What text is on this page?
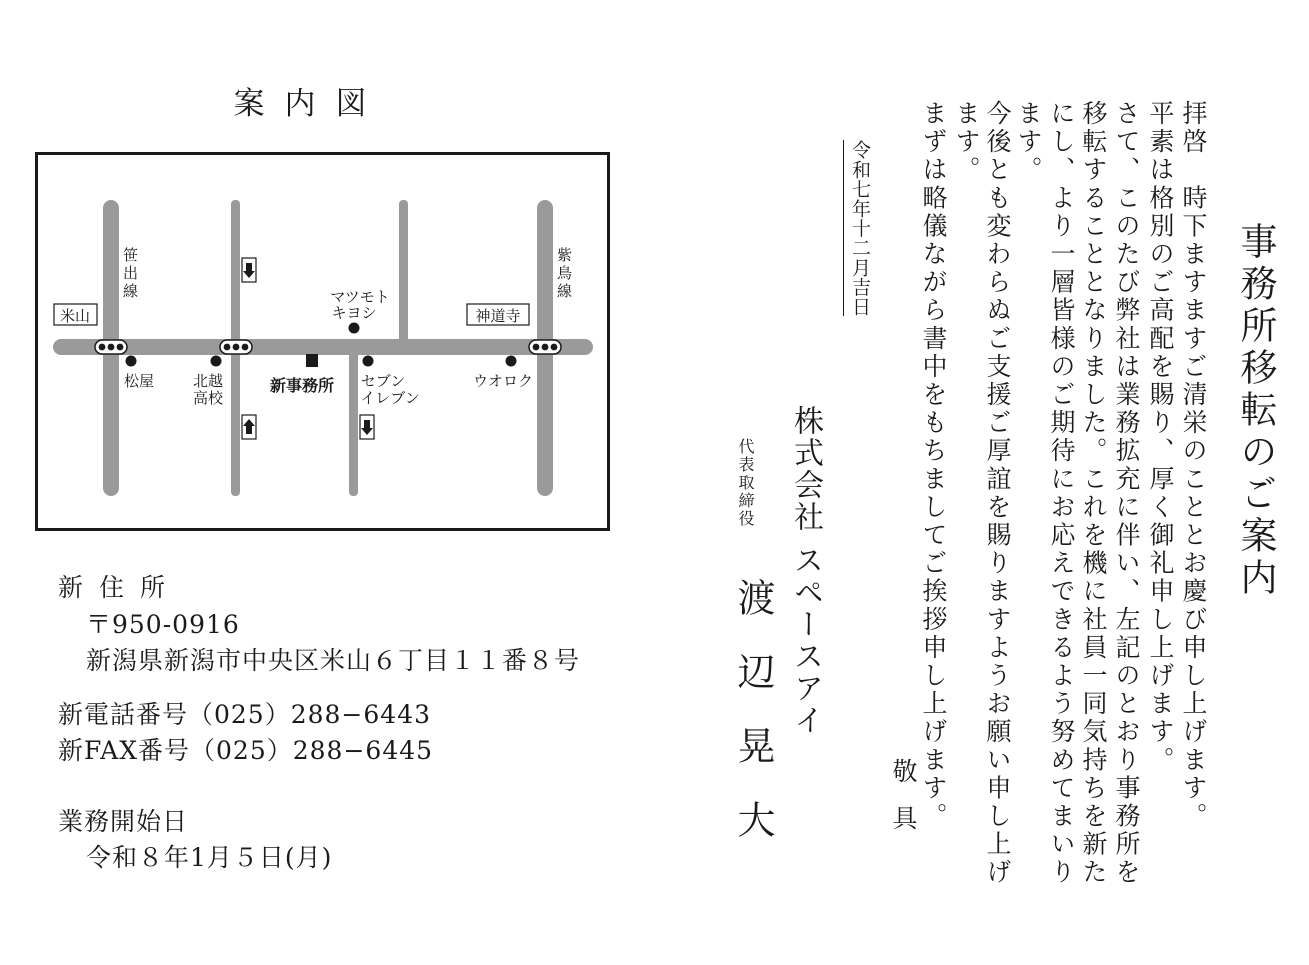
案内図
米山	神道寺
笹出線	紫鳥線
マツモト
キヨシ
松屋	北越
高校
新事務所 セブン
イレブン
ウオロク
新住所
〒950-0916
新潟県新潟市中央区米山６丁目１１番８号
新電話番号（025）288−6443
新FAX番号（025）288−6445
業務開始日
令和８年1月５日(月)
事務所移転のご案内
拝啓　時下ますますご清栄のこととお慶び申し上げます。
平素は格別のご高配を賜り、厚く御礼申し上げます。
さて、このたび弊社は業務拡充に伴い、左記のとおり事務所を
移転することとなりました。これを機に社員一同気持ちを新た
にし、より一層皆様のご期待にお応えできるよう努めてまいり
ます。
今後とも変わらぬご支援ご厚誼を賜りますようお願い申し上げ
ます。
まずは略儀ながら書中をもちましてご挨拶申し上げます。
敬具
令和七年十二月吉日
株式会社 スペースアイ
代表取締役
渡辺晃大
